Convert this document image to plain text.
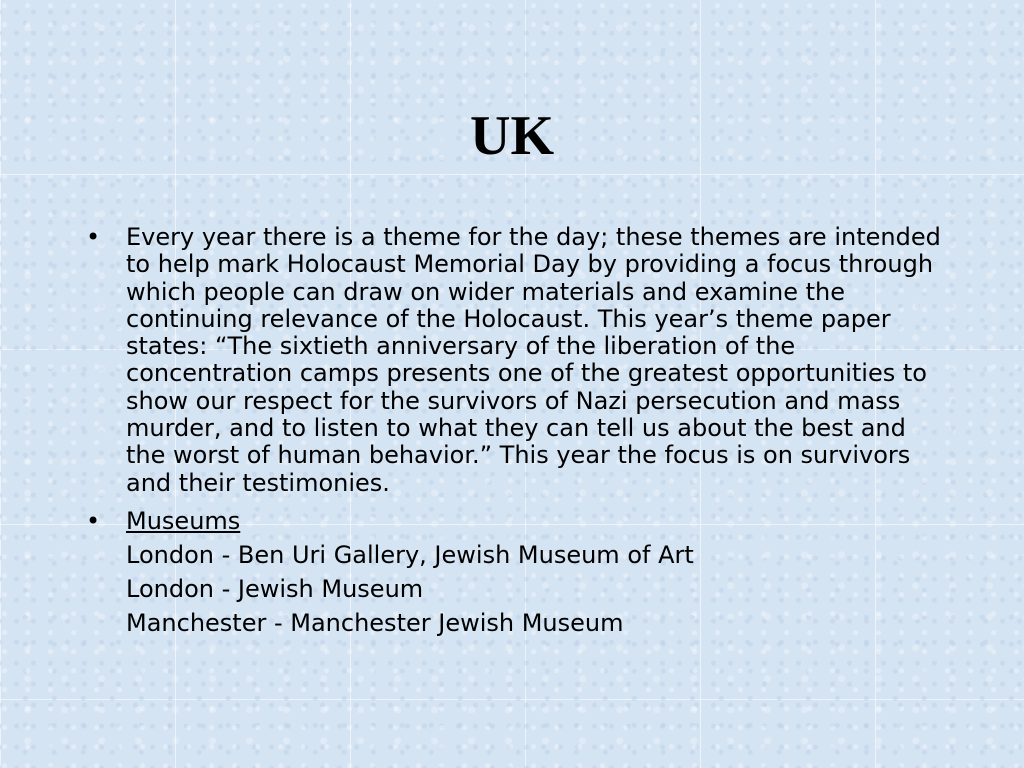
UK
• Every year there is a theme for the day; these themes are intended to help mark Holocaust Memorial Day by providing a focus through which people can draw on wider materials and examine the continuing relevance of the Holocaust. This year’s theme paper states: “The sixtieth anniversary of the liberation of the concentration camps presents one of the greatest opportunities to show our respect for the survivors of Nazi persecution and mass murder, and to listen to what they can tell us about the best and the worst of human behavior.” This year the focus is on survivors and their testimonies.
• Museums
London - Ben Uri Gallery, Jewish Museum of Art
London - Jewish Museum
Manchester - Manchester Jewish Museum
